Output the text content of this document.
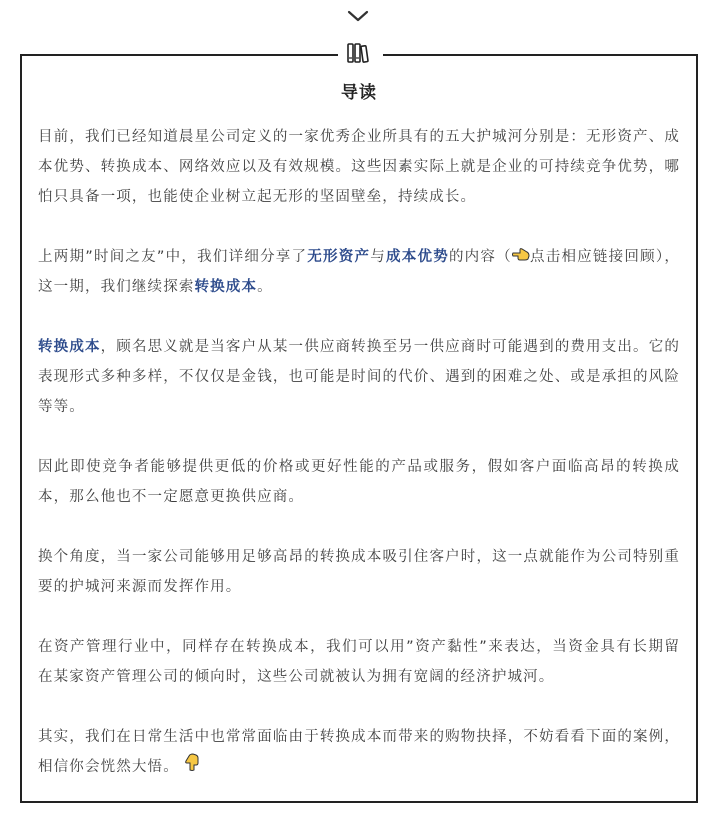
导读

目前，我们已经知道晨星公司定义的一家优秀企业所具有的五大护城河分别是：无形资产、成本优势、转换成本、网络效应以及有效规模。这些因素实际上就是企业的可持续竞争优势，哪怕只具备一项，也能使企业树立起无形的坚固壁垒，持续成长。

上两期”时间之友”中，我们详细分享了无形资产与成本优势的内容（ 点击相应链接回顾），这一期，我们继续探索转换成本。

转换成本，顾名思义就是当客户从某一供应商转换至另一供应商时可能遇到的费用支出。它的表现形式多种多样，不仅仅是金钱，也可能是时间的代价、遇到的困难之处、或是承担的风险等等。

因此即使竞争者能够提供更低的价格或更好性能的产品或服务，假如客户面临高昂的转换成本，那么他也不一定愿意更换供应商。

换个角度，当一家公司能够用足够高昂的转换成本吸引住客户时，这一点就能作为公司特别重要的护城河来源而发挥作用。

在资产管理行业中，同样存在转换成本，我们可以用”资产黏性”来表达，当资金具有长期留在某家资产管理公司的倾向时，这些公司就被认为拥有宽阔的经济护城河。

其实，我们在日常生活中也常常面临由于转换成本而带来的购物抉择，不妨看看下面的案例，相信你会恍然大悟。
